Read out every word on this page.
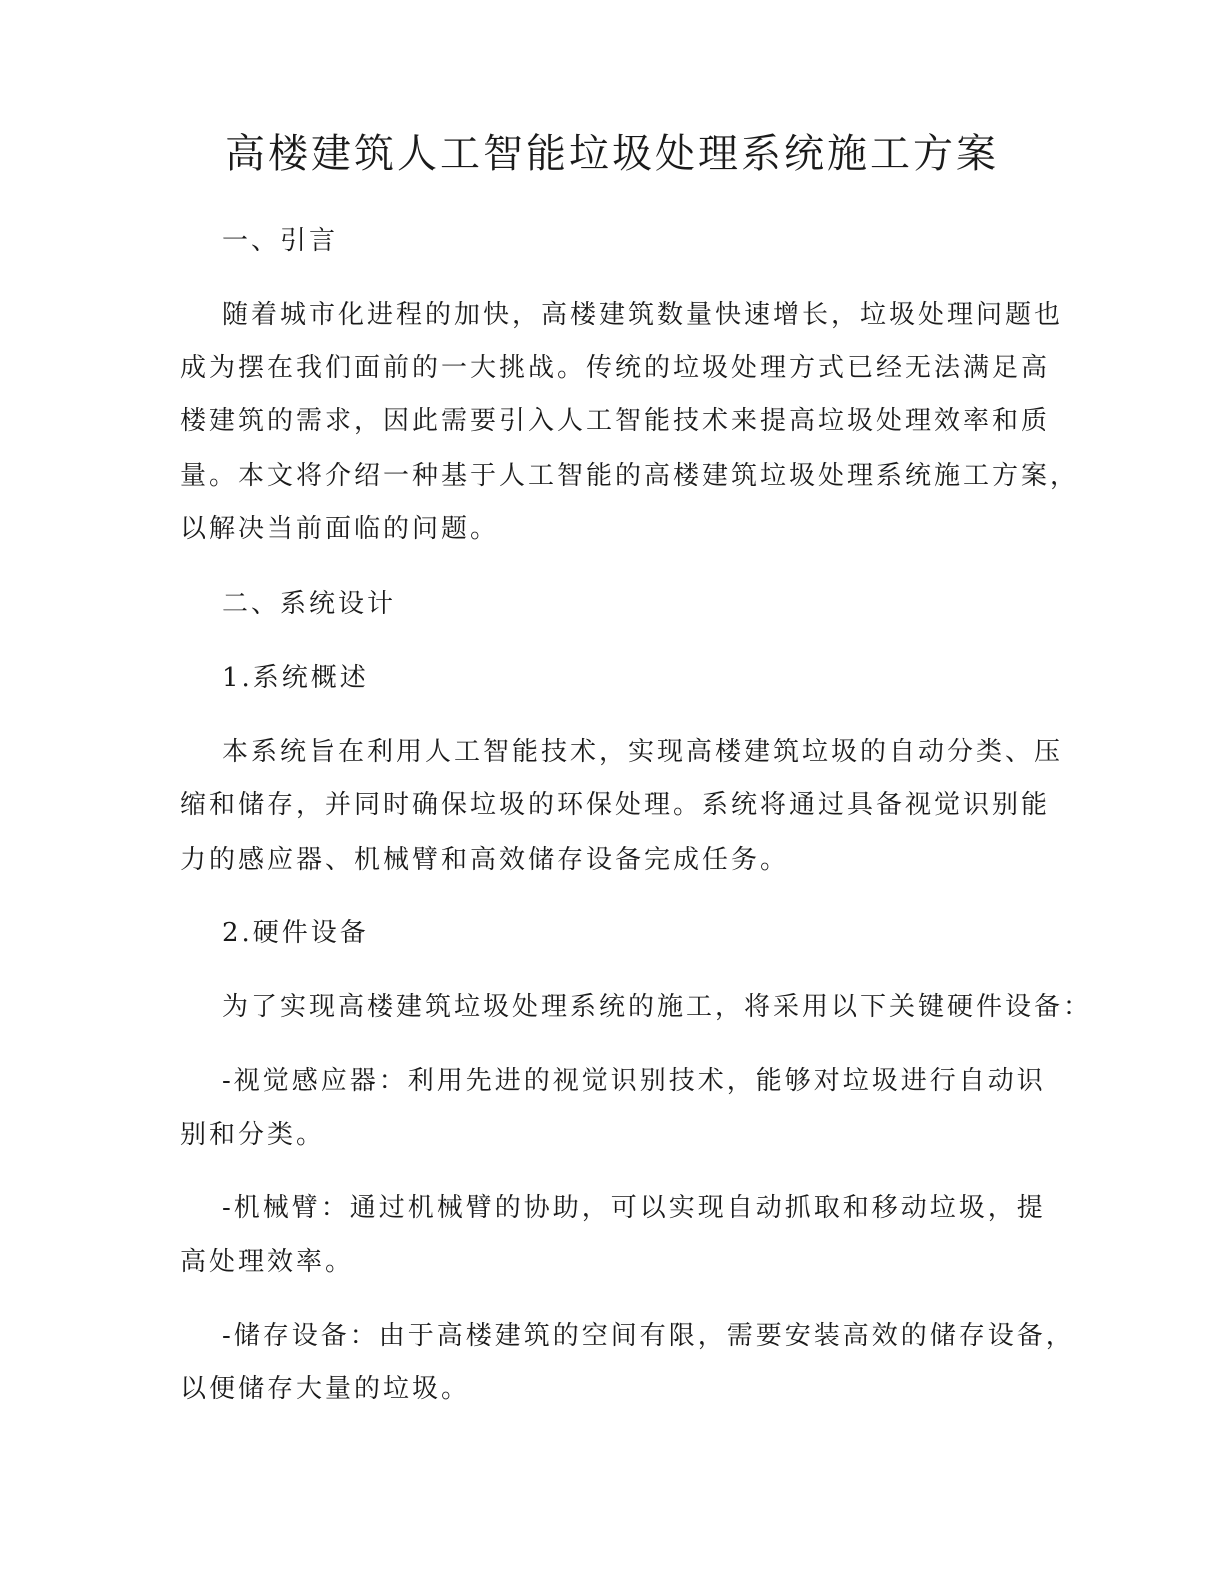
高楼建筑人工智能垃圾处理系统施工方案

一、引言

随着城市化进程的加快，高楼建筑数量快速增长，垃圾处理问题也

成为摆在我们面前的一大挑战。传统的垃圾处理方式已经无法满足高

楼建筑的需求，因此需要引入人工智能技术来提高垃圾处理效率和质

量。本文将介绍一种基于人工智能的高楼建筑垃圾处理系统施工方案，

以解决当前面临的问题。

二、系统设计

1.系统概述

本系统旨在利用人工智能技术，实现高楼建筑垃圾的自动分类、压

缩和储存，并同时确保垃圾的环保处理。系统将通过具备视觉识别能

力的感应器、机械臂和高效储存设备完成任务。

2.硬件设备

为了实现高楼建筑垃圾处理系统的施工，将采用以下关键硬件设备：

-视觉感应器：利用先进的视觉识别技术，能够对垃圾进行自动识

别和分类。

-机械臂：通过机械臂的协助，可以实现自动抓取和移动垃圾，提

高处理效率。

-储存设备：由于高楼建筑的空间有限，需要安装高效的储存设备，

以便储存大量的垃圾。
